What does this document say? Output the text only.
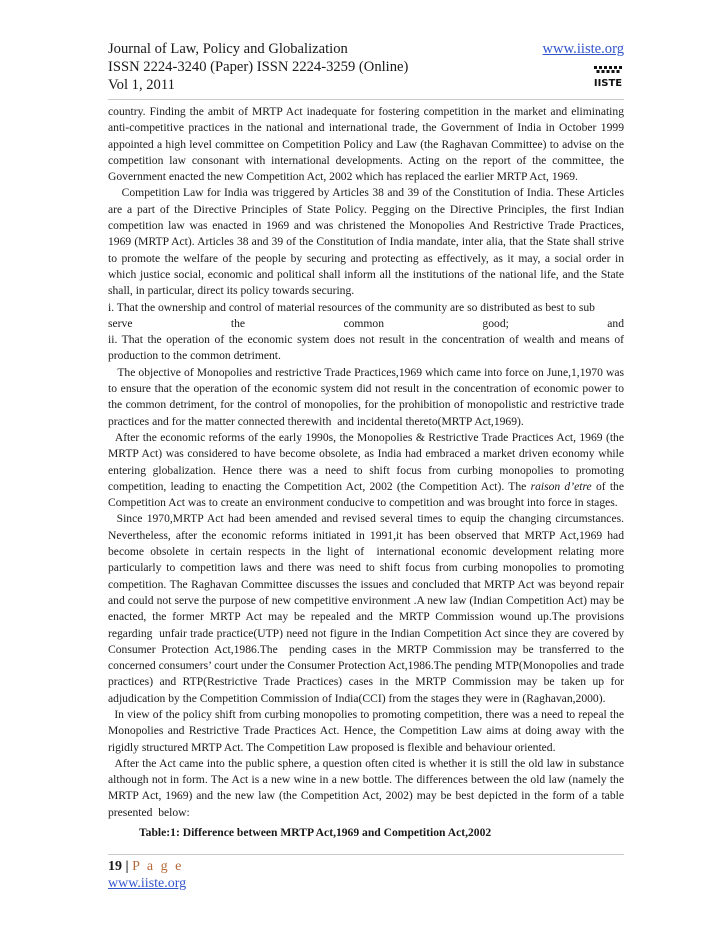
Journal of Law, Policy and Globalization	www.iiste.org
ISSN 2224-3240 (Paper) ISSN 2224-3259 (Online)
Vol 1, 2011	IISTE

country. Finding the ambit of MRTP Act inadequate for fostering competition in the market and eliminating anti-competitive practices in the national and international trade, the Government of India in October 1999 appointed a high level committee on Competition Policy and Law (the Raghavan Committee) to advise on the competition law consonant with international developments. Acting on the report of the committee, the Government enacted the new Competition Act, 2002 which has replaced the earlier MRTP Act, 1969.

Competition Law for India was triggered by Articles 38 and 39 of the Constitution of India. These Articles are a part of the Directive Principles of State Policy. Pegging on the Directive Principles, the first Indian competition law was enacted in 1969 and was christened the Monopolies And Restrictive Trade Practices, 1969 (MRTP Act). Articles 38 and 39 of the Constitution of India mandate, inter alia, that the State shall strive to promote the welfare of the people by securing and protecting as effectively, as it may, a social order in which justice social, economic and political shall inform all the institutions of the national life, and the State shall, in particular, direct its policy towards securing.

i. That the ownership and control of material resources of the community are so distributed as best to sub

serve the common good; and

ii. That the operation of the economic system does not result in the concentration of wealth and means of production to the common detriment.

The objective of Monopolies and restrictive Trade Practices,1969 which came into force on June,1,1970 was to ensure that the operation of the economic system did not result in the concentration of economic power to the common detriment, for the control of monopolies, for the prohibition of monopolistic and restrictive trade practices and for the matter connected therewith  and incidental thereto(MRTP Act,1969).

After the economic reforms of the early 1990s, the Monopolies & Restrictive Trade Practices Act, 1969 (the MRTP Act) was considered to have become obsolete, as India had embraced a market driven economy while entering globalization. Hence there was a need to shift focus from curbing monopolies to promoting competition, leading to enacting the Competition Act, 2002 (the Competition Act). The raison d’etre of the Competition Act was to create an environment conducive to competition and was brought into force in stages.

Since 1970,MRTP Act had been amended and revised several times to equip the changing circumstances. Nevertheless, after the economic reforms initiated in 1991,it has been observed that MRTP Act,1969 had become obsolete in certain respects in the light of  international economic development relating more particularly to competition laws and there was need to shift focus from curbing monopolies to promoting competition. The Raghavan Committee discusses the issues and concluded that MRTP Act was beyond repair and could not serve the purpose of new competitive environment .A new law (Indian Competition Act) may be enacted, the former MRTP Act may be repealed and the MRTP Commission wound up.The provisions regarding  unfair trade practice(UTP) need not figure in the Indian Competition Act since they are covered by Consumer Protection Act,1986.The  pending cases in the MRTP Commission may be transferred to the concerned consumers’ court under the Consumer Protection Act,1986.The pending MTP(Monopolies and trade practices) and RTP(Restrictive Trade Practices) cases in the MRTP Commission may be taken up for adjudication by the Competition Commission of India(CCI) from the stages they were in (Raghavan,2000).

In view of the policy shift from curbing monopolies to promoting competition, there was a need to repeal the Monopolies and Restrictive Trade Practices Act. Hence, the Competition Law aims at doing away with the rigidly structured MRTP Act. The Competition Law proposed is flexible and behaviour oriented.

After the Act came into the public sphere, a question often cited is whether it is still the old law in substance although not in form. The Act is a new wine in a new bottle. The differences between the old law (namely the MRTP Act, 1969) and the new law (the Competition Act, 2002) may be best depicted in the form of a table presented  below:

Table:1: Difference between MRTP Act,1969 and Competition Act,2002

19 | P a g e
www.iiste.org
